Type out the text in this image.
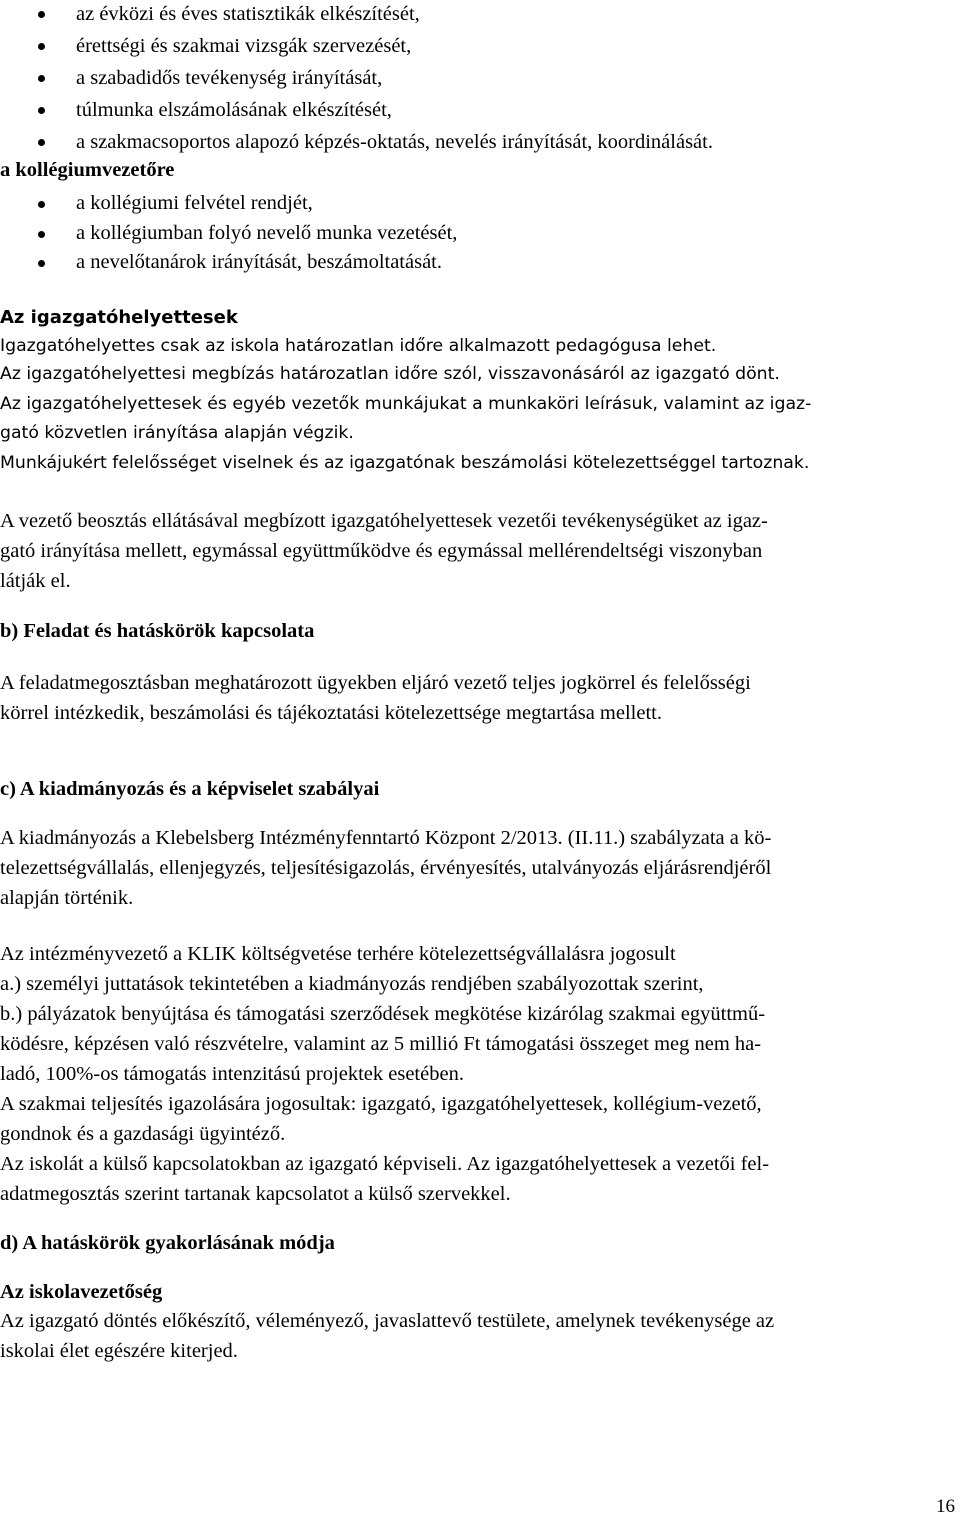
az évközi és éves statisztikák elkészítését,
érettségi és szakmai vizsgák szervezését,
a szabadidős tevékenység irányítását,
túlmunka elszámolásának elkészítését,
a szakmacsoportos alapozó képzés-oktatás, nevelés irányítását, koordinálását.
a kollégiumvezetőre
a kollégiumi felvétel rendjét,
a kollégiumban folyó nevelő munka vezetését,
a nevelőtanárok irányítását, beszámoltatását.
Az igazgatóhelyettesek
Igazgatóhelyettes csak az iskola határozatlan időre alkalmazott pedagógusa lehet.
Az igazgatóhelyettesi megbízás határozatlan időre szól, visszavonásáról az igazgató dönt.
Az igazgatóhelyettesek és egyéb vezetők munkájukat a munkaköri leírásuk, valamint az igaz-
gató közvetlen irányítása alapján végzik.
Munkájukért felelősséget viselnek és az igazgatónak beszámolási kötelezettséggel tartoznak.
A vezető beosztás ellátásával megbízott igazgatóhelyettesek vezetői tevékenységüket az igaz-
gató irányítása mellett, egymással együttműködve és egymással mellérendeltségi viszonyban
látják el.
b) Feladat és hatáskörök kapcsolata
A feladatmegosztásban meghatározott ügyekben eljáró vezető teljes jogkörrel és felelősségi
körrel intézkedik, beszámolási és tájékoztatási kötelezettsége megtartása mellett.
c) A kiadmányozás és a képviselet szabályai
A kiadmányozás a Klebelsberg Intézményfenntartó Központ 2/2013. (II.11.) szabályzata a kö-
telezettségvállalás, ellenjegyzés, teljesítésigazolás, érvényesítés, utalványozás eljárásrendjéről
alapján történik.
Az intézményvezető a KLIK költségvetése terhére kötelezettségvállalásra jogosult
a.) személyi juttatások tekintetében a kiadmányozás rendjében szabályozottak szerint,
b.) pályázatok benyújtása és támogatási szerződések megkötése kizárólag szakmai együttmű-
ködésre, képzésen való részvételre, valamint az 5 millió Ft támogatási összeget meg nem ha-
ladó, 100%-os támogatás intenzitású projektek esetében.
A szakmai teljesítés igazolására jogosultak: igazgató, igazgatóhelyettesek, kollégium-vezető,
gondnok és a gazdasági ügyintéző.
Az iskolát a külső kapcsolatokban az igazgató képviseli. Az igazgatóhelyettesek a vezetői fel-
adatmegosztás szerint tartanak kapcsolatot a külső szervekkel.
d) A hatáskörök gyakorlásának módja
Az iskolavezetőség
Az igazgató döntés előkészítő, véleményező, javaslattevő testülete, amelynek tevékenysége az
iskolai élet egészére kiterjed.
16
